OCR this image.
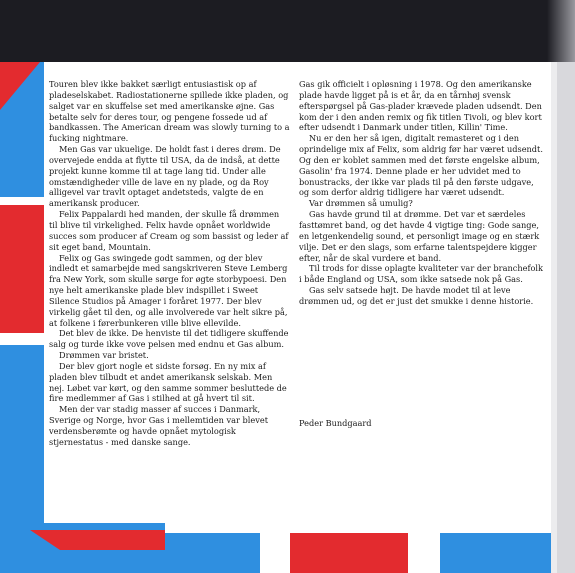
Touren blev ikke bakket særligt entusiastisk op af pladeselskabet. Radiostationerne spillede ikke pladen, og salget var en skuffelse set med amerikanske øjne. Gas betalte selv for deres tour, og pengene fossede ud af bandkassen. The American dream was slowly turning to a fucking nightmare.

Men Gas var ukuelige. De holdt fast i deres drøm. De overvejede endda at flytte til USA, da de indså, at dette projekt kunne komme til at tage lang tid. Under alle omstændigheder ville de lave en ny plade, og da Roy alligevel var travlt optaget andetsteds, valgte de en amerikansk producer.

Felix Pappalardi hed manden, der skulle få drømmen til blive til virkelighed. Felix havde opnået worldwide succes som producer af Cream og som bassist og leder af sit eget band, Mountain.

Felix og Gas swingede godt sammen, og der blev indledt et samarbejde med sangskriveren Steve Lemberg fra New York, som skulle sørge for øgte storbypoesi. Den nye helt amerikanske plade blev indspillet i Sweet Silence Studios på Amager i foråret 1977. Der blev virkelig gået til den, og alle involverede var helt sikre på, at folkene i førerbunkeren ville blive ellevilde.

Det blev de ikke. De henviste til det tidligere skuffende salg og turde ikke vove pelsen med endnu et Gas album.

Drømmen var bristet.

Der blev gjort nogle et sidste forsøg. En ny mix af pladen blev tilbudt et andet amerikansk selskab. Men nej. Løbet var kørt, og den samme sommer besluttede de fire medlemmer af Gas i stilhed at gå hvert til sit.

Men der var stadig masser af succes i Danmark, Sverige og Norge, hvor Gas i mellemtiden var blevet verdensberømte og havde opnået mytologisk stjernestatus - med danske sange.

Gas gik officielt i opløsning i 1978. Og den amerikanske plade havde ligget på is et år, da en tårnhøj svensk efterspørgsel på Gas-plader krævede pladen udsendt. Den kom der i den anden remix og fik titlen Tivoli, og blev kort efter udsendt i Danmark under titlen, Killin' Time.

Nu er den her så igen, digitalt remasteret og i den oprindelige mix af Felix, som aldrig før har været udsendt. Og den er koblet sammen med det første engelske album, Gasolin' fra 1974. Denne plade er her udvidet med to bonustracks, der ikke var plads til på den første udgave, og som derfor aldrig tidligere har været udsendt.

Var drømmen så umulig?

Gas havde grund til at drømme. Det var et særdeles fasttømret band, og det havde 4 vigtige ting: Gode sange, en letgenkendelig sound, et personligt image og en stærk vilje. Det er den slags, som erfarne talentspejdere kigger efter, når de skal vurdere et band.

Til trods for disse oplagte kvaliteter var der branchefolk i både England og USA, som ikke satsede nok på Gas.

Gas selv satsede højt. De havde modet til at leve drømmen ud, og det er just det smukke i denne historie.

Peder Bundgaard
